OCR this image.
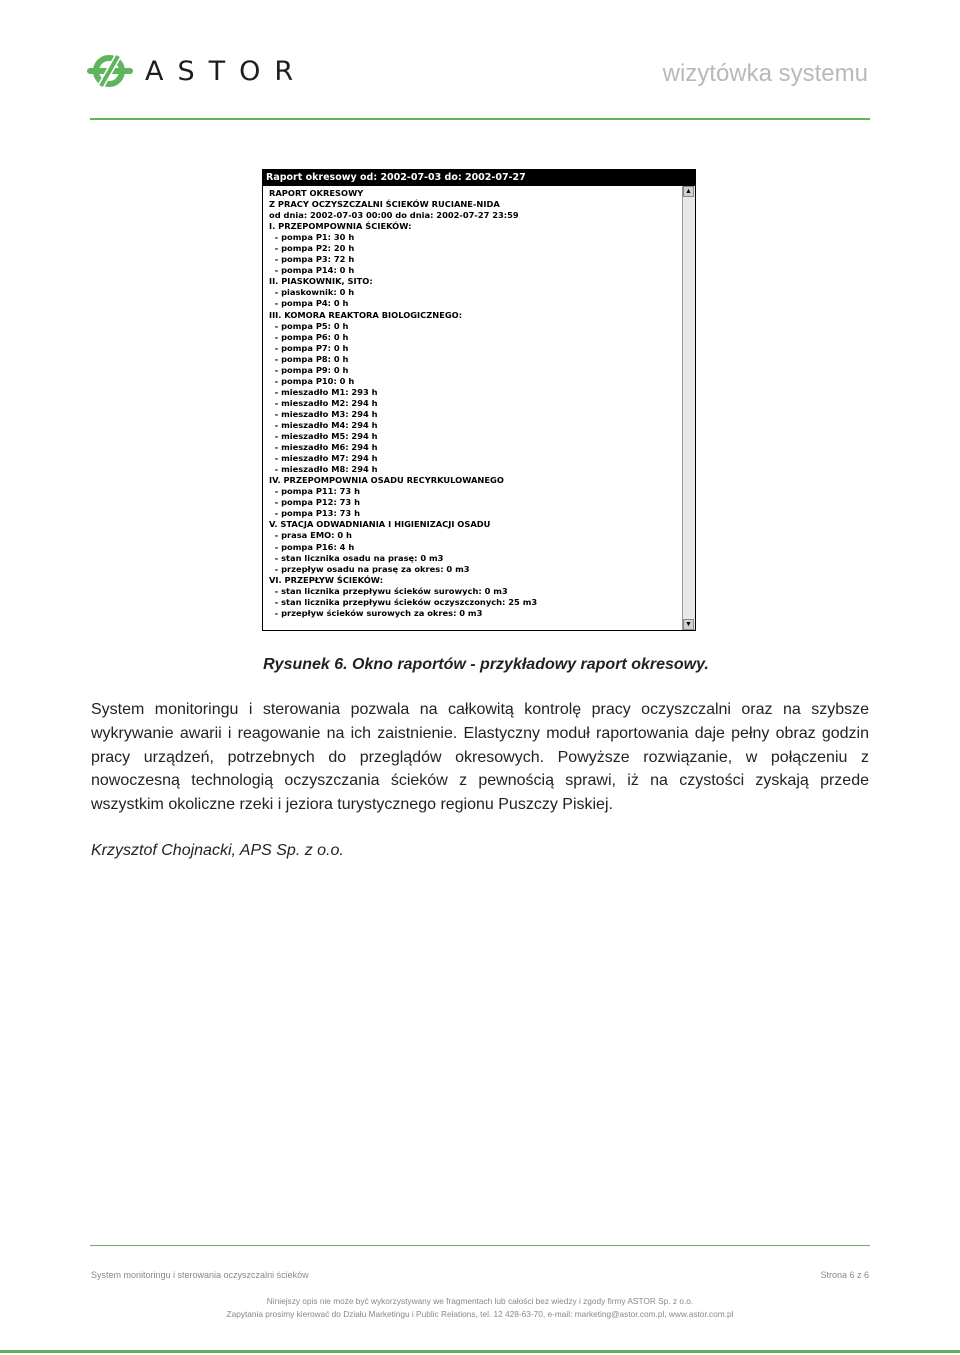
ASTOR	wizytówka systemu
Raport okresowy od: 2002-07-03 do: 2002-07-27
RAPORT OKRESOWY
Z PRACY OCZYSZCZALNI ŚCIEKÓW RUCIANE-NIDA
od dnia: 2002-07-03 00:00 do dnia: 2002-07-27 23:59
I. PRZEPOMPOWNIA ŚCIEKÓW:
- pompa P1: 30 h
- pompa P2: 20 h
- pompa P3: 72 h
- pompa P14: 0 h
II. PIASKOWNIK, SITO:
- piaskownik: 0 h
- pompa P4: 0 h
III. KOMORA REAKTORA BIOLOGICZNEGO:
- pompa P5: 0 h
- pompa P6: 0 h
- pompa P7: 0 h
- pompa P8: 0 h
- pompa P9: 0 h
- pompa P10: 0 h
- mieszadło M1: 293 h
- mieszadło M2: 294 h
- mieszadło M3: 294 h
- mieszadło M4: 294 h
- mieszadło M5: 294 h
- mieszadło M6: 294 h
- mieszadło M7: 294 h
- mieszadło M8: 294 h
IV. PRZEPOMPOWNIA OSADU RECYRKULOWANEGO
- pompa P11: 73 h
- pompa P12: 73 h
- pompa P13: 73 h
V. STACJA ODWADNIANIA I HIGIENIZACJI OSADU
- prasa EMO: 0 h
- pompa P16: 4 h
- stan licznika osadu na prasę: 0 m3
- przepływ osadu na prasę za okres: 0 m3
VI. PRZEPŁYW ŚCIEKÓW:
- stan licznika przepływu ścieków surowych: 0 m3
- stan licznika przepływu ścieków oczyszczonych: 25 m3
- przepływ ścieków surowych za okres: 0 m3
▲
▼
Rysunek 6. Okno raportów - przykładowy raport okresowy.

System monitoringu i sterowania pozwala na całkowitą kontrolę pracy oczyszczalni oraz na szybsze wykrywanie awarii i reagowanie na ich zaistnienie. Elastyczny moduł raportowania daje pełny obraz godzin pracy urządzeń, potrzebnych do przeglądów okresowych. Powyższe rozwiązanie, w połączeniu z nowoczesną technologią oczyszczania ścieków z pewnością sprawi, iż na czystości zyskają przede wszystkim okoliczne rzeki i jeziora turystycznego regionu Puszczy Piskiej.

Krzysztof Chojnacki, APS Sp. z o.o.
System monitoringu i sterowania oczyszczalni ścieków	Strona 6 z 6
Niniejszy opis nie może być wykorzystywany we fragmentach lub całości bez wiedzy i zgody firmy ASTOR Sp. z o.o.
Zapytania prosimy kierować do Działu Marketingu i Public Relations, tel. 12 428-63-70, e-mail: marketing@astor.com.pl, www.astor.com.pl
